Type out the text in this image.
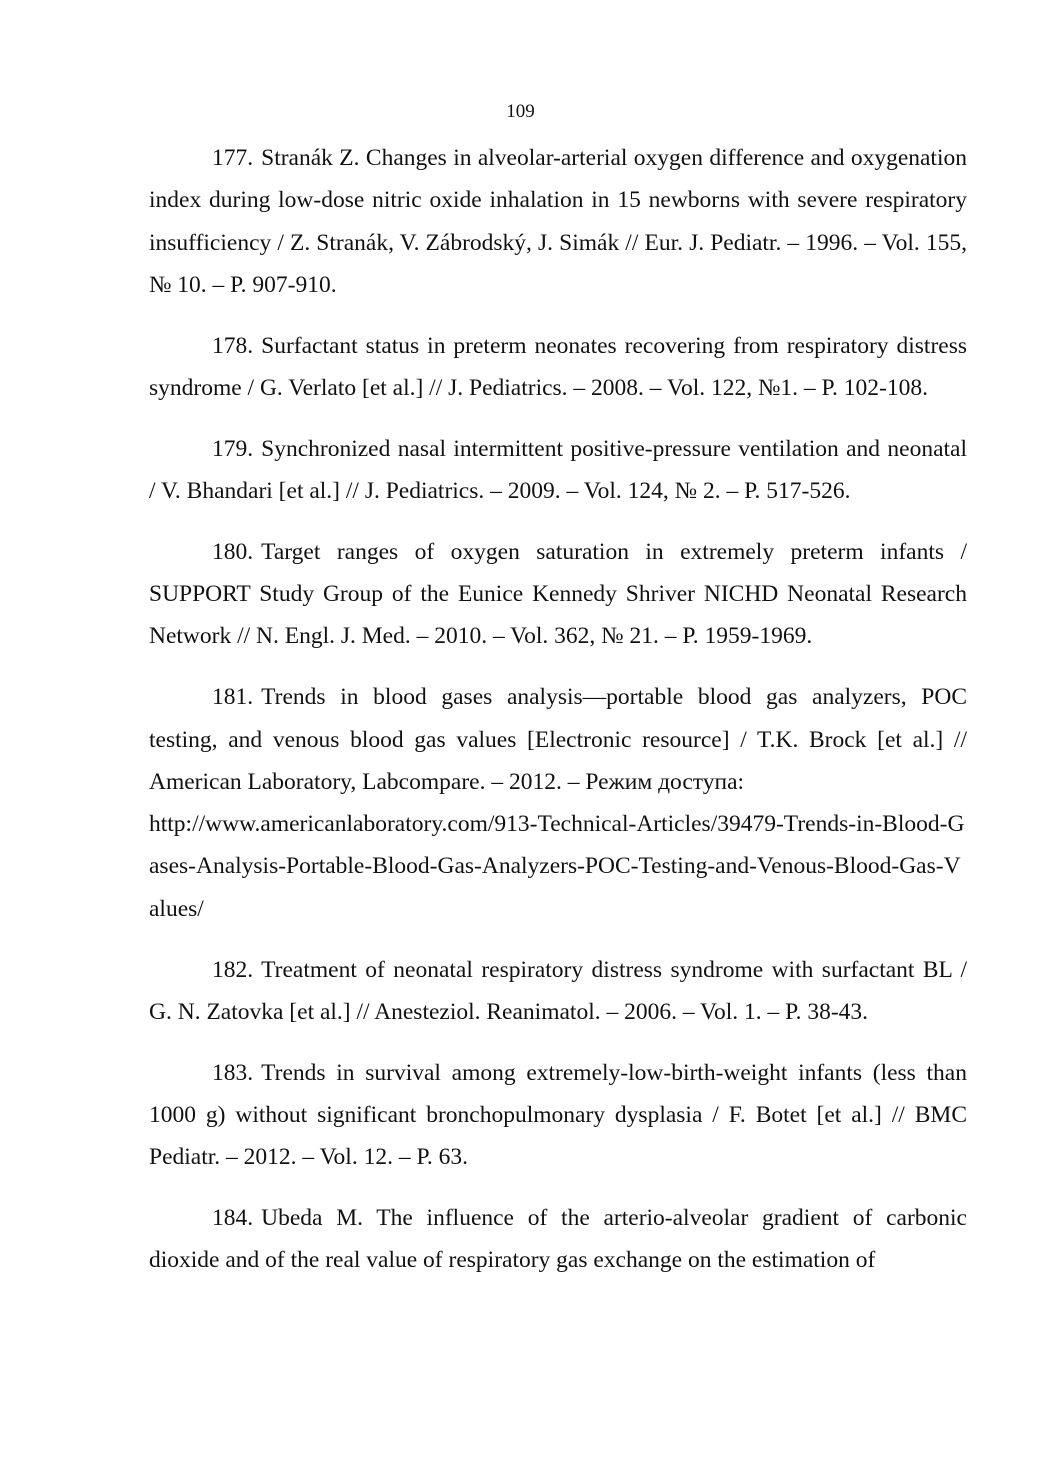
109

177. Stranák Z. Changes in alveolar-arterial oxygen difference and oxygenation index during low-dose nitric oxide inhalation in 15 newborns with severe respiratory insufficiency / Z. Stranák, V. Zábrodský, J. Simák // Eur. J. Pediatr. – 1996. – Vol. 155, № 10. – P. 907-910.

178. Surfactant status in preterm neonates recovering from respiratory distress syndrome / G. Verlato [et al.] // J. Pediatrics. – 2008. – Vol. 122, №1. – P. 102-108.

179. Synchronized nasal intermittent positive-pressure ventilation and neonatal / V. Bhandari [et al.] // J. Pediatrics. – 2009. – Vol. 124, № 2. – P. 517-526.

180. Target ranges of oxygen saturation in extremely preterm infants / SUPPORT Study Group of the Eunice Kennedy Shriver NICHD Neonatal Research Network // N. Engl. J. Med. – 2010. – Vol. 362, № 21. – P. 1959-1969.

181. Trends in blood gases analysis—portable blood gas analyzers, POC testing, and venous blood gas values [Electronic resource] / T.K. Brock [et al.] // American Laboratory, Labcompare. – 2012. – Режим доступа:
http://www.americanlaboratory.com/913-Technical-Articles/39479-Trends-in-Blood-Gases-Analysis-Portable-Blood-Gas-Analyzers-POC-Testing-and-Venous-Blood-Gas-Values/

182. Treatment of neonatal respiratory distress syndrome with surfactant BL / G. N. Zatovka [et al.] // Anesteziol. Reanimatol. – 2006. – Vol. 1. – P. 38-43.

183. Trends in survival among extremely-low-birth-weight infants (less than 1000 g) without significant bronchopulmonary dysplasia / F. Botet [et al.] // BMC Pediatr. – 2012. – Vol. 12. – P. 63.

184. Ubeda M. The influence of the arterio-alveolar gradient of carbonic dioxide and of the real value of respiratory gas exchange on the estimation of
